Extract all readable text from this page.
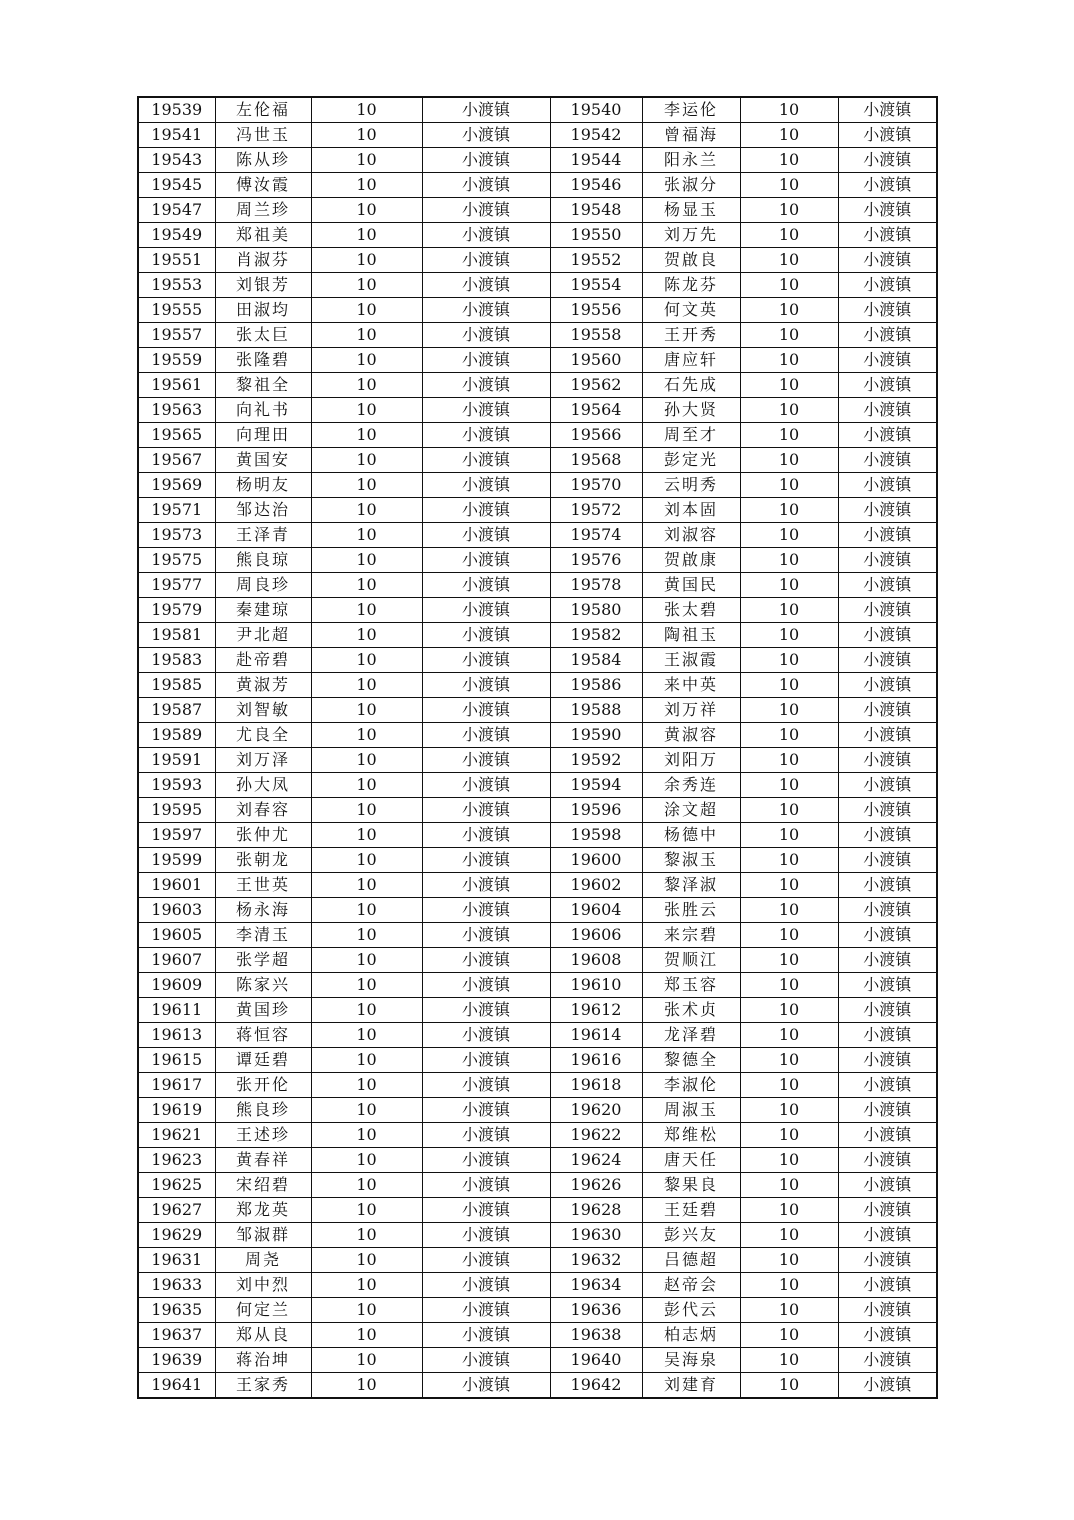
19539	左伦福	10	小渡镇	19540	李运伦	10	小渡镇
19541	冯世玉	10	小渡镇	19542	曾福海	10	小渡镇
19543	陈从珍	10	小渡镇	19544	阳永兰	10	小渡镇
19545	傅汝霞	10	小渡镇	19546	张淑分	10	小渡镇
19547	周兰珍	10	小渡镇	19548	杨显玉	10	小渡镇
19549	郑祖美	10	小渡镇	19550	刘万先	10	小渡镇
19551	肖淑芬	10	小渡镇	19552	贺啟良	10	小渡镇
19553	刘银芳	10	小渡镇	19554	陈龙芬	10	小渡镇
19555	田淑均	10	小渡镇	19556	何文英	10	小渡镇
19557	张太巨	10	小渡镇	19558	王开秀	10	小渡镇
19559	张隆碧	10	小渡镇	19560	唐应轩	10	小渡镇
19561	黎祖全	10	小渡镇	19562	石先成	10	小渡镇
19563	向礼书	10	小渡镇	19564	孙大贤	10	小渡镇
19565	向理田	10	小渡镇	19566	周至才	10	小渡镇
19567	黄国安	10	小渡镇	19568	彭定光	10	小渡镇
19569	杨明友	10	小渡镇	19570	云明秀	10	小渡镇
19571	邹达治	10	小渡镇	19572	刘本固	10	小渡镇
19573	王泽青	10	小渡镇	19574	刘淑容	10	小渡镇
19575	熊良琼	10	小渡镇	19576	贺啟康	10	小渡镇
19577	周良珍	10	小渡镇	19578	黄国民	10	小渡镇
19579	秦建琼	10	小渡镇	19580	张太碧	10	小渡镇
19581	尹北超	10	小渡镇	19582	陶祖玉	10	小渡镇
19583	赴帝碧	10	小渡镇	19584	王淑霞	10	小渡镇
19585	黄淑芳	10	小渡镇	19586	来中英	10	小渡镇
19587	刘智敏	10	小渡镇	19588	刘万祥	10	小渡镇
19589	尤良全	10	小渡镇	19590	黄淑容	10	小渡镇
19591	刘万泽	10	小渡镇	19592	刘阳万	10	小渡镇
19593	孙大凤	10	小渡镇	19594	余秀连	10	小渡镇
19595	刘春容	10	小渡镇	19596	涂文超	10	小渡镇
19597	张仲尤	10	小渡镇	19598	杨德中	10	小渡镇
19599	张朝龙	10	小渡镇	19600	黎淑玉	10	小渡镇
19601	王世英	10	小渡镇	19602	黎泽淑	10	小渡镇
19603	杨永海	10	小渡镇	19604	张胜云	10	小渡镇
19605	李清玉	10	小渡镇	19606	来宗碧	10	小渡镇
19607	张学超	10	小渡镇	19608	贺顺江	10	小渡镇
19609	陈家兴	10	小渡镇	19610	郑玉容	10	小渡镇
19611	黄国珍	10	小渡镇	19612	张术贞	10	小渡镇
19613	蒋恒容	10	小渡镇	19614	龙泽碧	10	小渡镇
19615	谭廷碧	10	小渡镇	19616	黎德全	10	小渡镇
19617	张开伦	10	小渡镇	19618	李淑伦	10	小渡镇
19619	熊良珍	10	小渡镇	19620	周淑玉	10	小渡镇
19621	王述珍	10	小渡镇	19622	郑维松	10	小渡镇
19623	黄春祥	10	小渡镇	19624	唐天任	10	小渡镇
19625	宋绍碧	10	小渡镇	19626	黎果良	10	小渡镇
19627	郑龙英	10	小渡镇	19628	王廷碧	10	小渡镇
19629	邹淑群	10	小渡镇	19630	彭兴友	10	小渡镇
19631	周尧	10	小渡镇	19632	吕德超	10	小渡镇
19633	刘中烈	10	小渡镇	19634	赵帝会	10	小渡镇
19635	何定兰	10	小渡镇	19636	彭代云	10	小渡镇
19637	郑从良	10	小渡镇	19638	柏志炳	10	小渡镇
19639	蒋治坤	10	小渡镇	19640	吴海泉	10	小渡镇
19641	王家秀	10	小渡镇	19642	刘建育	10	小渡镇
